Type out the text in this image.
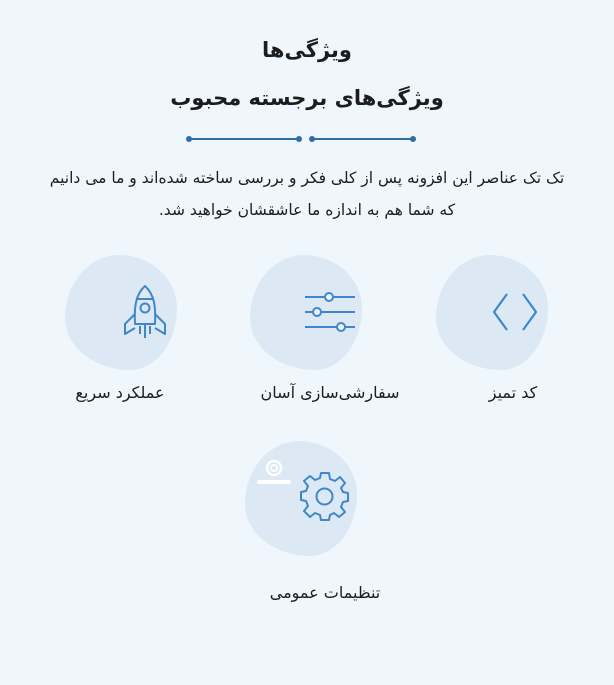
ویژگی‌ها
ویژگی‌های برجسته محبوب
تک تک عناصر این افزونه پس از کلی فکر و بررسی ساخته شده‌اند و ما می دانیم که شما هم به اندازه ما عاشقشان خواهید شد.
کد تمیز
سفارشی‌سازی آسان
عملکرد سریع
تنظیمات عمومی
